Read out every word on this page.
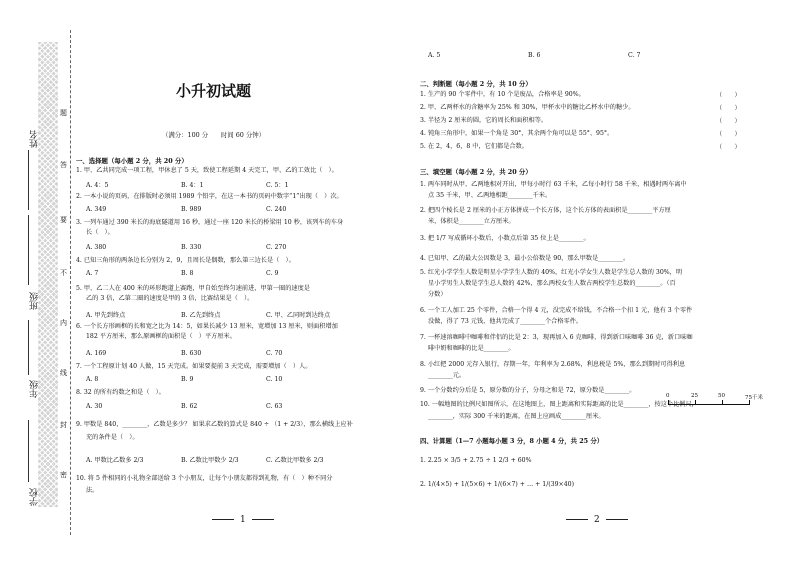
学校
年级
班级
姓名
密
封
线
内
不
要
答
题
小升初试题
（满分：100 分　　时间 60 分钟）
一、选择题（每小题 2 分，共 20 分）
1. 甲、乙共同完成一项工程，甲休息了 5 天，致使工程延期 4 天完工，甲、乙的工效比（　）。
A. 4：5	B. 4：1	C. 5：1
2. 一本小说的页码，在排版时必须用 1989 个铅字，在这一本书的页码中数字“1”出现（　）次。
A. 349	B. 989	C. 240
3. 一列车通过 390 米长的海底隧道用 16 秒，通过一座 120 米长的桥梁用 10 秒，该列车的车身
长（　）。
A. 380	B. 330	C. 270
4. 已知三角形的两条边长分别为 2，9，且周长是偶数，那么第三边长是（　）。
A. 7	B. 8	C. 9
5. 甲、乙二人在 400 米的环形跑道上赛跑，甲自始至终匀速前进，甲第一圈的速度是
乙的 3 倍，乙第二圈的速度是甲的 3 倍，比赛结果是（　）。
A. 甲先到终点	B. 乙先到终点	C. 甲、乙同时到达终点
6. 一个长方形画框的长和宽之比为 14：5，如果长减少 13 厘米，宽增加 13 厘米，则面积增加
182 平方厘米，那么原画框的面积是（　）平方厘米。
A. 169	B. 630	C. 70
7. 一个工程原计划 40 人做，15 天完成。如果要提前 3 天完成，需要增加（　）人。
A. 8	B. 9	C. 10
8. 32 的所有约数之和是（　）。
A. 30	B. 62	C. 63
9. 甲数是 840，________，乙数是多少？ 如果求乙数的算式是 840 ÷ （1 + 2/3），那么横线上应补
充的条件是（　）。
A. 甲数比乙数多 2/3	B. 乙数比甲数少 2/3	C. 乙数比甲数多 2/3
10. 将 5 件相同的小礼物全部送给 3 个小朋友，让每个小朋友都得到礼物，有（　）种不同分
法。
1
A. 5	B. 6	C. 7
二、判断题（每小题 2 分，共 10 分）
1. 生产的 90 个零件中，有 10 个是废品，合格率是 90%。	（　　）
2. 甲、乙两杯水的含糖率为 25% 和 30%，甲杯水中的糖比乙杯水中的糖少。	（　　）
3. 半径为 2 厘米的圆，它的周长和面积相等。	（　　）
4. 钝角三角形中，如果一个角是 30°，其余两个角可以是 55°、95°。	（　　）
5. 在 2，4，6，8 中，它们都是合数。	（　　）
三、填空题（每小题 2 分，共 20 分）
1. 两车同时从甲、乙两地相对开出，甲每小时行 63 千米，乙每小时行 58 千米，相遇时两车离中
点 35 千米，甲、乙两地相距________千米。
2. 把四个棱长是 2 厘米的小正方体拼成一个长方体，这个长方体的表面积是________平方厘
米，体积是________立方厘米。
3. 把 1/7 写成循环小数后，小数点后第 35 位上是________。
4. 已知甲、乙的最大公因数是 3，最小公倍数是 90，那么甲数是________。
5. 红光小学学生人数是明星小学学生人数的 40%，红光小学女生人数是学生总人数的 30%，明
星小学男生人数是学生总人数的 42%，那么两校女生人数占两校学生总数的________。（百
分数）
6. 一个工人加工 25 个零件，合格一个得 4 元，没完成不给钱，不合格一个扣 1 元，他有 3 个零件
没做，得了 73 元钱，他共完成了________个合格零件。
7. 一杯速溶咖啡中咖啡和伴侣的比是 2：3，现再加入 6 克咖啡，得到新口味咖啡 36 克，新口味咖
啡中奶和咖啡的比是________。
8. 小红把 2000 元存入银行，存期一年，年利率为 2.68%，利息税是 5%，那么到期时可得利息
________元。
9. 一个分数约分后是 5，原分数的分子，分母之和是 72，原分数是________。
10. 一幅地图的比例尺如图所示，在这地图上，图上距离和实际距离的比是________，按这个比例尺，
________，实际 300 千米的距离，在图上应画成________厘米。
0	25	50	75千米
四、计算题（1—7 小题每小题 3 分，8 小题 4 分，共 25 分）
1. 2.25 × 3/5 + 2.75 ÷ 1 2/3 + 60%
2. 1/(4×5) + 1/(5×6) + 1/(6×7) + … + 1/(39×40)
2
